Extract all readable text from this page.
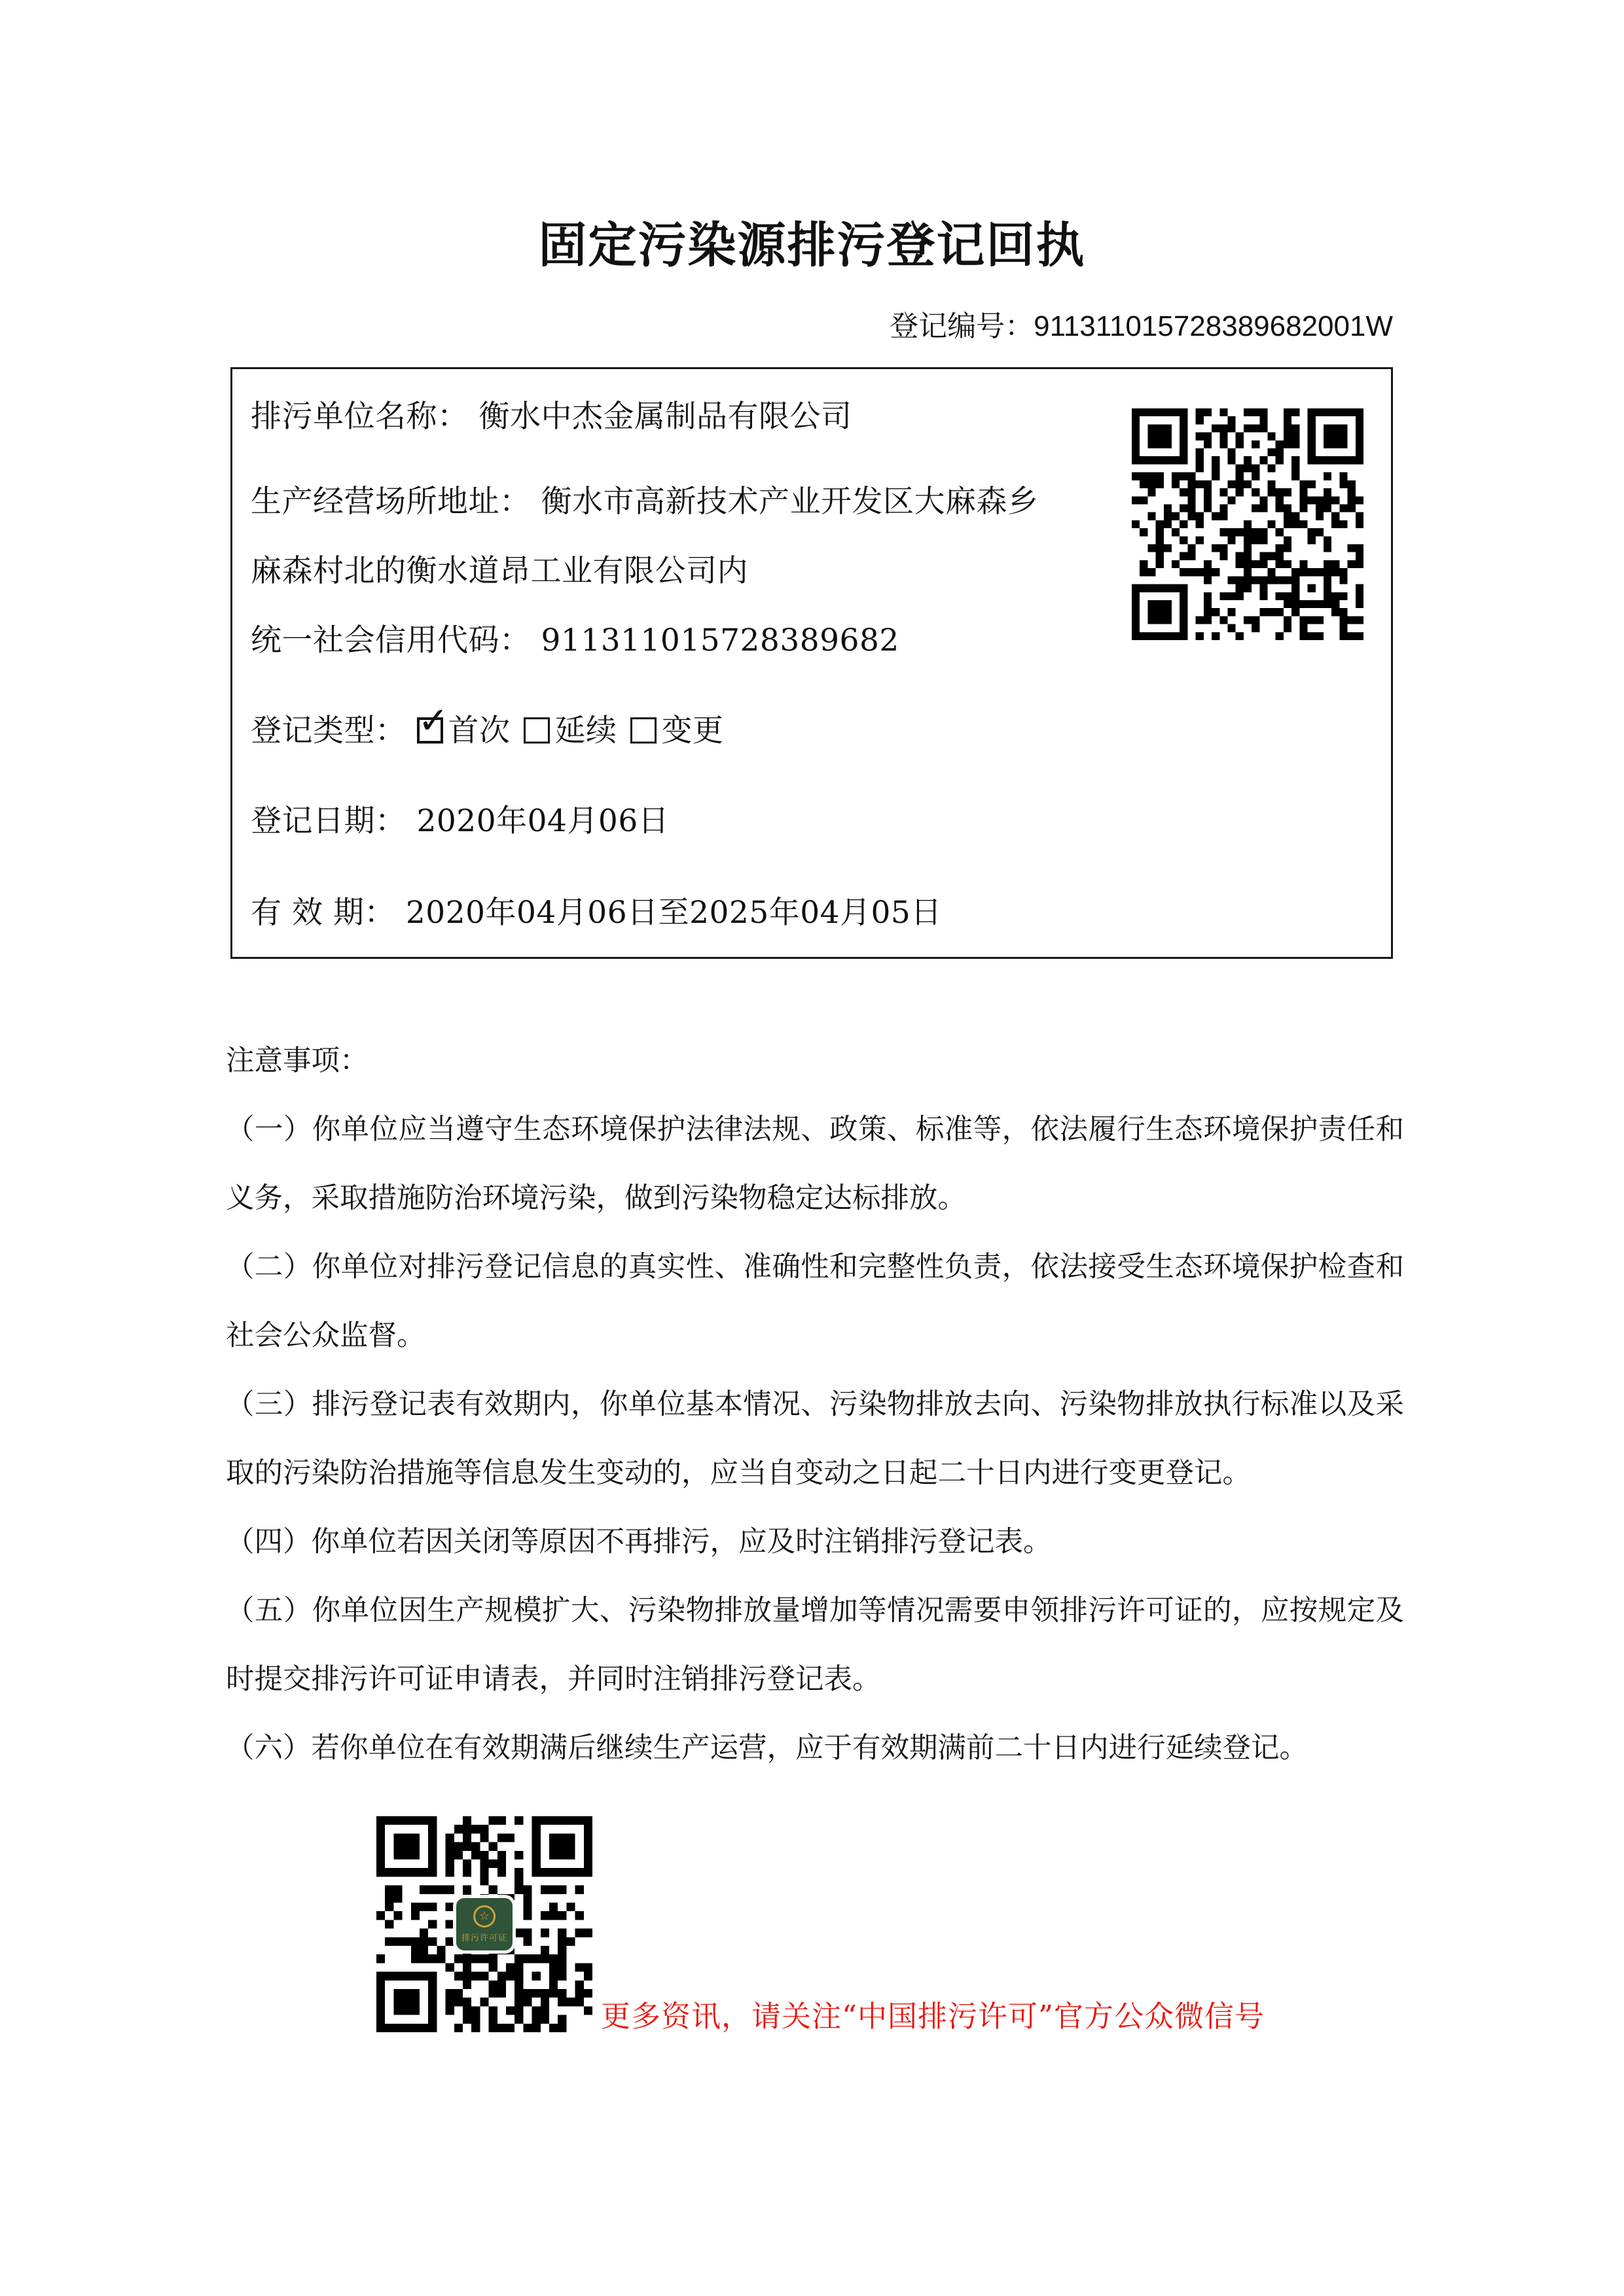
固定污染源排污登记回执
登记编号：911311015728389682001W
排污单位名称： 衡水中杰金属制品有限公司
生产经营场所地址： 衡水市高新技术产业开发区大麻森乡麻森村北的衡水道昂工业有限公司内
统一社会信用代码： 911311015728389682
登记类型： ✓
首次 延续 变更
登记日期： 2020年04月06日
有 效 期： 2020年04月06日至2025年04月05日

注意事项：

（一）你单位应当遵守生态环境保护法律法规、政策、标准等，依法履行生态环境保护责任和义务，采取措施防治环境污染，做到污染物稳定达标排放。

（二）你单位对排污登记信息的真实性、准确性和完整性负责，依法接受生态环境保护检查和社会公众监督。

（三）排污登记表有效期内，你单位基本情况、污染物排放去向、污染物排放执行标准以及采取的污染防治措施等信息发生变动的，应当自变动之日起二十日内进行变更登记。

（四）你单位若因关闭等原因不再排污，应及时注销排污登记表。

（五）你单位因生产规模扩大、污染物排放量增加等情况需要申领排污许可证的，应按规定及时提交排污许可证申请表，并同时注销排污登记表。

（六）若你单位在有效期满后继续生产运营，应于有效期满前二十日内进行延续登记。

☆
排污许可证
更多资讯，请关注“中国排污许可”官方公众微信号
